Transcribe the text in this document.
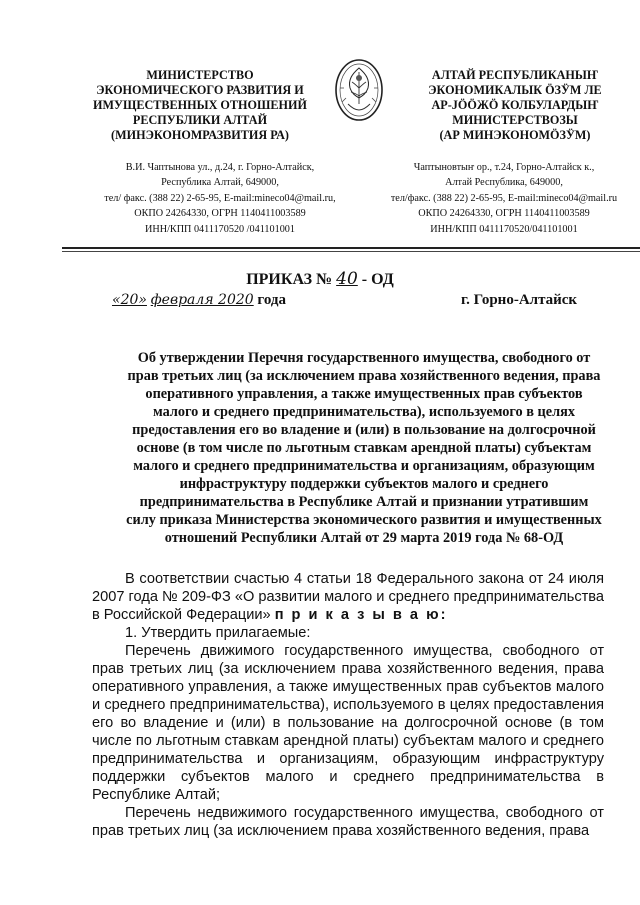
МИНИСТЕРСТВО
ЭКОНОМИЧЕСКОГО РАЗВИТИЯ И
ИМУЩЕСТВЕННЫХ ОТНОШЕНИЙ
РЕСПУБЛИКИ АЛТАЙ
(МИНЭКОНОМРАЗВИТИЯ РА)
АЛТАЙ РЕСПУБЛИКАНЫҤ
ЭКОНОМИКАЛЫК ӦЗӰМ ЛЕ
АР-JӦӦЖӦ КОЛБУЛАРДЫҤ
МИНИСТЕРСТВОЗЫ
(АР МИНЭКОНОМӦЗӰМ)
В.И. Чаптынова ул., д.24, г. Горно-Алтайск,
Республика Алтай, 649000,
тел/ факс. (388 22) 2-65-95, E-mail:mineco04@mail.ru,
ОКПО 24264330, ОГРН 1140411003589
ИНН/КПП 0411170520 /041101001
Чаптыновтыҥ ор., т.24, Горно-Алтайск к.,
Алтай Республика, 649000,
тел/факс. (388 22) 2-65-95, E-mail:mineco04@mail.ru
ОКПО 24264330, ОГРН 1140411003589
ИНН/КПП 0411170520/041101001
ПРИКАЗ № 40 - ОД
«20» февраля 2020 года	г. Горно-Алтайск
Об утверждении Перечня государственного имущества, свободного от
прав третьих лиц (за исключением права хозяйственного ведения, права
оперативного управления, а также имущественных прав субъектов
малого и среднего предпринимательства), используемого в целях
предоставления его во владение и (или) в пользование на долгосрочной
основе (в том числе по льготным ставкам арендной платы) субъектам
малого и среднего предпринимательства и организациям, образующим
инфраструктуру поддержки субъектов малого и среднего
предпринимательства в Республике Алтай и признании утратившим
силу приказа Министерства экономического развития и имущественных
отношений Республики Алтай от 29 марта 2019 года № 68-ОД

В соответствии счастью 4 статьи 18 Федерального закона от 24 июля 2007 года № 209-ФЗ «О развитии малого и среднего предпринимательства в Российской Федерации» п р и к а з ы в а ю:

1. Утвердить прилагаемые:

Перечень движимого государственного имущества, свободного от прав третьих лиц (за исключением права хозяйственного ведения, права оперативного управления, а также имущественных прав субъектов малого и среднего предпринимательства), используемого в целях предоставления его во владение и (или) в пользование на долгосрочной основе (в том числе по льготным ставкам арендной платы) субъектам малого и среднего предпринимательства и организациям, образующим инфраструктуру поддержки субъектов малого и среднего предпринимательства в Республике Алтай;

Перечень недвижимого государственного имущества, свободного от прав третьих лиц (за исключением права хозяйственного ведения, права
